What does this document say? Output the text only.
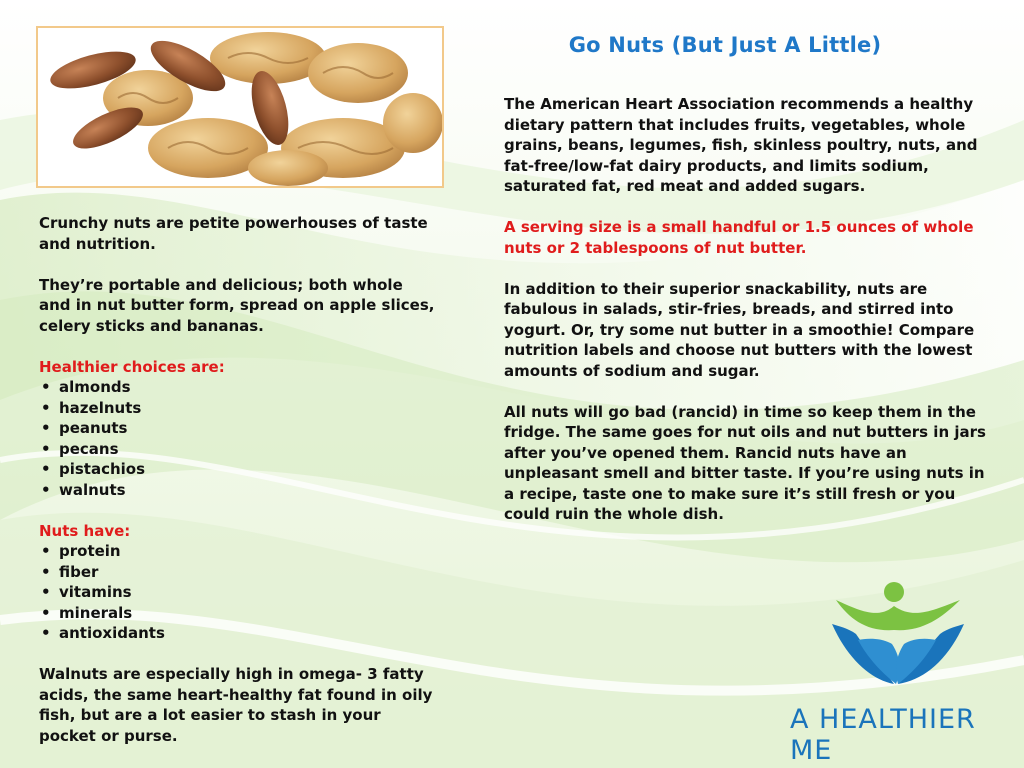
Go Nuts (But Just A Little)

Crunchy nuts are petite powerhouses of taste and nutrition.

They’re portable and delicious; both whole and in nut butter form, spread on apple slices, celery sticks and bananas.

Healthier choices are:
• almonds
• hazelnuts
• peanuts
• pecans
• pistachios
• walnuts
Nuts have:
• protein
• fiber
• vitamins
• minerals
• antioxidants

Walnuts are especially high in omega- 3 fatty acids, the same heart-healthy fat found in oily fish, but are a lot easier to stash in your pocket or purse.

The American Heart Association recommends a healthy dietary pattern that includes fruits, vegetables, whole grains, beans, legumes, fish, skinless poultry, nuts, and fat-free/low-fat dairy products, and limits sodium, saturated fat, red meat and added sugars.

A serving size is a small handful or 1.5 ounces of whole nuts or 2 tablespoons of nut butter.

In addition to their superior snackability, nuts are fabulous in salads, stir-fries, breads, and stirred into yogurt. Or, try some nut butter in a smoothie! Compare nutrition labels and choose nut butters with the lowest amounts of sodium and sugar.

All nuts will go bad (rancid) in time so keep them in the fridge. The same goes for nut oils and nut butters in jars after you’ve opened them. Rancid nuts have an unpleasant smell and bitter taste. If you’re using nuts in a recipe, taste one to make sure it’s still fresh or you could ruin the whole dish.

A HEALTHIER ME
